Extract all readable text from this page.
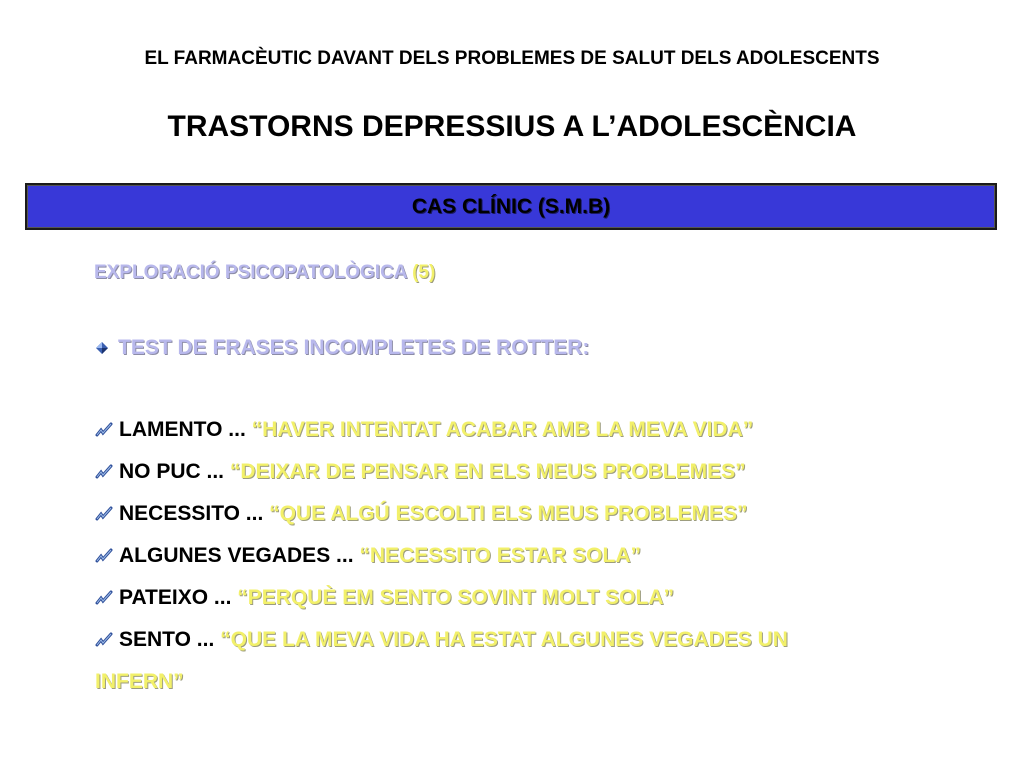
EL FARMACÈUTIC DAVANT DELS PROBLEMES DE SALUT DELS ADOLESCENTS
TRASTORNS DEPRESSIUS A L’ADOLESCÈNCIA
CAS CLÍNIC (S.M.B)
EXPLORACIÓ PSICOPATOLÒGICA (5)
TEST DE FRASES INCOMPLETES DE ROTTER:
LAMENTO ...
“HAVER INTENTAT ACABAR AMB LA MEVA VIDA”
NO PUC ...
“DEIXAR DE PENSAR EN ELS MEUS PROBLEMES”
NECESSITO ...
“QUE ALGÚ ESCOLTI ELS MEUS PROBLEMES”
ALGUNES VEGADES ...
“NECESSITO ESTAR SOLA”
PATEIXO ...
“PERQUÈ EM SENTO SOVINT MOLT SOLA”
SENTO ...
“QUE LA MEVA VIDA HA ESTAT ALGUNES VEGADES UN
INFERN”
